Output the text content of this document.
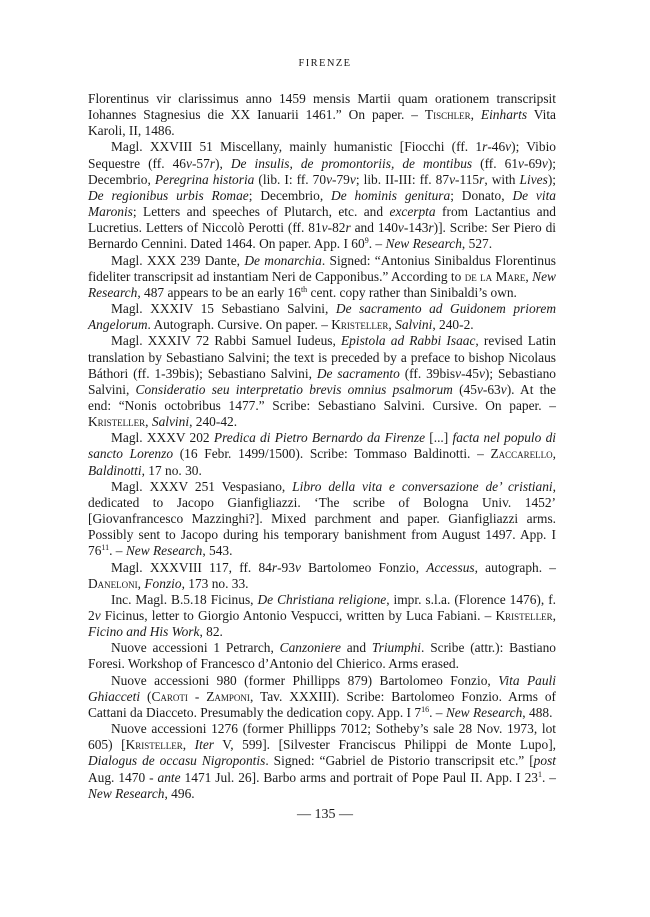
FIRENZE

Florentinus vir clarissimus anno 1459 mensis Martii quam orationem transcripsit Iohannes Stagnesius die XX Ianuarii 1461.” On paper. – Tischler, Einharts Vita Karoli, II, 1486.

Magl. XXVIII 51 Miscellany, mainly humanistic [Fiocchi (ff. 1r-46v); Vibio Sequestre (ff. 46v-57r), De insulis, de promontoriis, de montibus (ff. 61v-69v); Decembrio, Peregrina historia (lib. I: ff. 70v-79v; lib. II-III: ff. 87v-115r, with Lives); De regionibus urbis Romae; Decembrio, De hominis genitura; Donato, De vita Maronis; Letters and speeches of Plutarch, etc. and excerpta from Lactantius and Lucretius. Letters of Niccolò Perotti (ff. 81v-82r and 140v-143r)]. Scribe: Ser Piero di Bernardo Cennini. Dated 1464. On paper. App. I $60^9$. – New Research, 527.

Magl. XXX 239 Dante, De monarchia. Signed: “Antonius Sinibaldus Florentinus fideliter transcripsit ad instantiam Neri de Capponibus.” According to de la Mare, New Research, 487 appears to be an early 16th cent. copy rather than Sinibaldi’s own.

Magl. XXXIV 15 Sebastiano Salvini, De sacramento ad Guidonem priorem Angelorum. Autograph. Cursive. On paper. – Kristeller, Salvini, 240-2.

Magl. XXXIV 72 Rabbi Samuel Iudeus, Epistola ad Rabbi Isaac, revised Latin translation by Sebastiano Salvini; the text is preceded by a preface to bishop Nicolaus Báthori (ff. 1-39bis); Sebastiano Salvini, De sacramento (ff. 39bisv-45v); Sebastiano Salvini, Consideratio seu interpretatio brevis omnius psalmorum (45v-63v). At the end: “Nonis octobribus 1477.” Scribe: Sebastiano Salvini. Cursive. On paper. – Kristeller, Salvini, 240-42.

Magl. XXXV 202 Predica di Pietro Bernardo da Firenze [...] facta nel populo di sancto Lorenzo (16 Febr. 1499/1500). Scribe: Tommaso Baldinotti. – Zaccarello, Baldinotti, 17 no. 30.

Magl. XXXV 251 Vespasiano, Libro della vita e conversazione de’ cristiani, dedicated to Jacopo Gianfigliazzi. ‘The scribe of Bologna Univ. 1452’ [Giovanfrancesco Mazzinghi?]. Mixed parchment and paper. Gianfigliazzi arms. Possibly sent to Jacopo during his temporary banishment from August 1497. App. I $76^{11}$. – New Research, 543.

Magl. XXXVIII 117, ff. 84r-93v Bartolomeo Fonzio, Accessus, autograph. – Daneloni, Fonzio, 173 no. 33.

Inc. Magl. B.5.18 Ficinus, De Christiana religione, impr. s.l.a. (Florence 1476), f. 2v Ficinus, letter to Giorgio Antonio Vespucci, written by Luca Fabiani. – Kristeller, Ficino and His Work, 82.

Nuove accessioni 1 Petrarch, Canzoniere and Triumphi. Scribe (attr.): Bastiano Foresi. Workshop of Francesco d’Antonio del Chierico. Arms erased.

Nuove accessioni 980 (former Phillipps 879) Bartolomeo Fonzio, Vita Pauli Ghiacceti (Caroti - Zamponi, Tav. XXXIII). Scribe: Bartolomeo Fonzio. Arms of Cattani da Diacceto. Presumably the dedication copy. App. I $7^{16}$. – New Research, 488.

Nuove accessioni 1276 (former Phillipps 7012; Sotheby’s sale 28 Nov. 1973, lot 605) [Kristeller, Iter V, 599]. [Silvester Franciscus Philippi de Monte Lupo], Dialogus de occasu Nigropontis. Signed: “Gabriel de Pistorio transcripsit etc.” [post Aug. 1470 - ante 1471 Jul. 26]. Barbo arms and portrait of Pope Paul II. App. I $23^1$. – New Research, 496.

— 135 —
